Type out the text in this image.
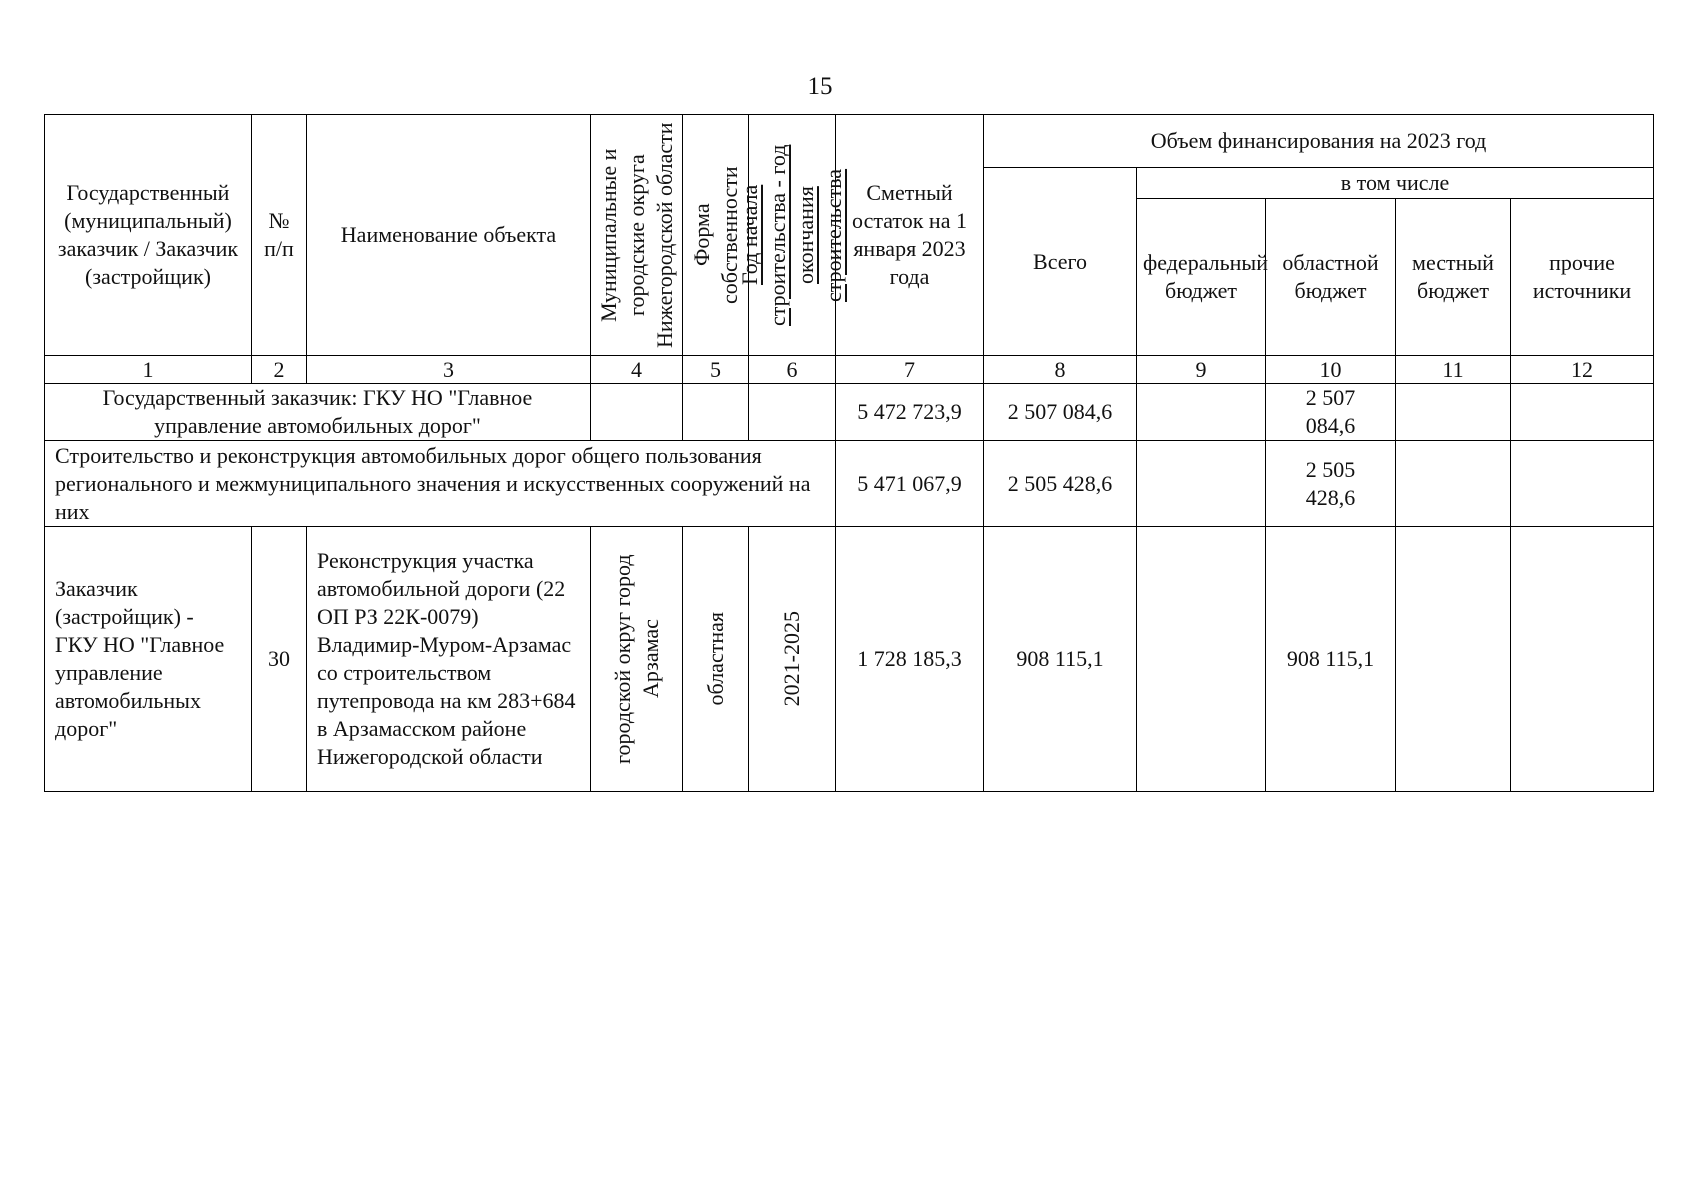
15
Государственный (муниципальный) заказчик / Заказчик (застройщик)	№ п/п	Наименование объекта	Муниципальные и городские округа Нижегородской области	Форма собственности	Год начала строительства - год окончания строительства	Сметный остаток на 1 января 2023 года	Объем финансирования на 2023 год				
							Всего	в том числе			
								федеральный бюджет	областной бюджет	местный бюджет	прочие источники
1	2	3	4	5	6	7	8	9	10	11	12
Государственный заказчик: ГКУ НО "Главное управление автомобильных дорог"						5 472 723,9	2 507 084,6		2 507 084,6		
Строительство и реконструкция автомобильных дорог общего пользования регионального и межмуниципального значения и искусственных сооружений на них						5 471 067,9	2 505 428,6		2 505 428,6		
Заказчик (застройщик) - ГКУ НО "Главное управление автомобильных дорог"	30	Реконструкция участка автомобильной дороги (22 ОП РЗ 22К-0079) Владимир-Муром-Арзамас со строительством путепровода на км 283+684 в Арзамасском районе Нижегородской области	городской округ город Арзамас	областная	2021-2025	1 728 185,3	908 115,1		908 115,1		
